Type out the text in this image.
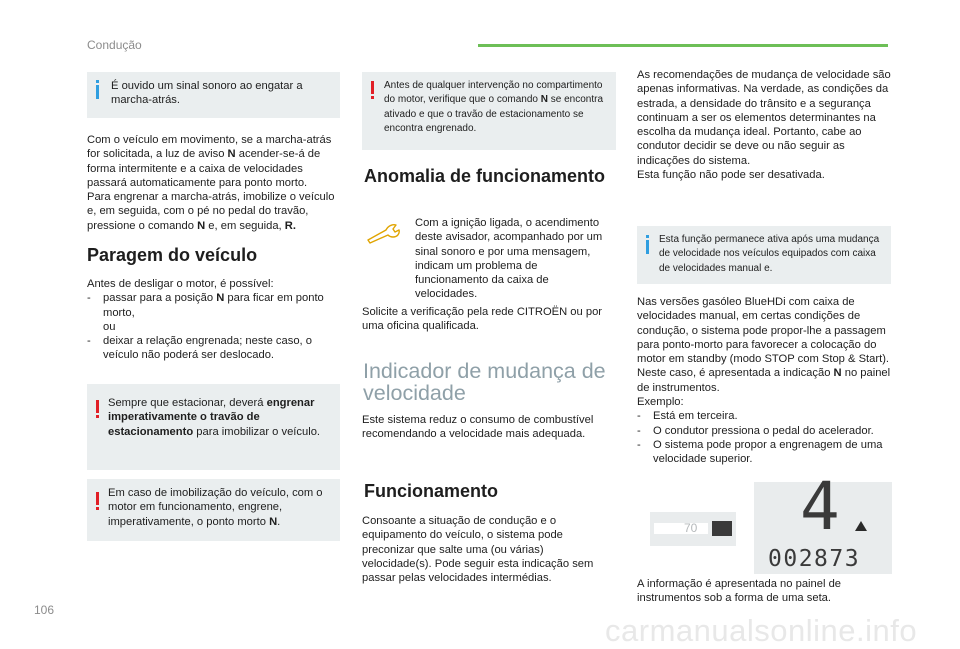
Condução
É ouvido um sinal sonoro ao engatar a marcha-atrás.
Com o veículo em movimento, se a marcha-atrás for solicitada, a luz de aviso N acender-se-á de forma intermitente e a caixa de velocidades passará automaticamente para ponto morto.
Para engrenar a marcha-atrás, imobilize o veículo e, em seguida, com o pé no pedal do travão, pressione o comando N e, em seguida, R.
Paragem do veículo
Antes de desligar o motor, é possível:
- passar para a posição N para ficar em ponto morto,
ou
- deixar a relação engrenada; neste caso, o veículo não poderá ser deslocado.
Sempre que estacionar, deverá engrenar imperativamente o travão de estacionamento para imobilizar o veículo.
Em caso de imobilização do veículo, com o motor em funcionamento, engrene, imperativamente, o ponto morto N.
Antes de qualquer intervenção no compartimento do motor, verifique que o comando N se encontra ativado e que o travão de estacionamento se encontra engrenado.
Anomalia de funcionamento
Com a ignição ligada, o acendimento deste avisador, acompanhado por um sinal sonoro e por uma mensagem, indicam um problema de funcionamento da caixa de velocidades.
Solicite a verificação pela rede CITROËN ou por uma oficina qualificada.
Indicador de mudança de velocidade
Este sistema reduz o consumo de combustível recomendando a velocidade mais adequada.
Funcionamento
Consoante a situação de condução e o equipamento do veículo, o sistema pode preconizar que salte uma (ou várias) velocidade(s). Pode seguir esta indicação sem passar pelas velocidades intermédias.
As recomendações de mudança de velocidade são apenas informativas. Na verdade, as condições da estrada, a densidade do trânsito e a segurança continuam a ser os elementos determinantes na escolha da mudança ideal. Portanto, cabe ao condutor decidir se deve ou não seguir as indicações do sistema.
Esta função não pode ser desativada.
Esta função permanece ativa após uma mudança de velocidade nos veículos equipados com caixa de velocidades manual e.
Nas versões gasóleo BlueHDi com caixa de velocidades manual, em certas condições de condução, o sistema pode propor-lhe a passagem para ponto-morto para favorecer a colocação do motor em standby (modo STOP com Stop & Start). Neste caso, é apresentada a indicação N no painel de instrumentos.
Exemplo:
- Está em terceira.
- O condutor pressiona o pedal do acelerador.
- O sistema pode propor a engrenagem de uma velocidade superior.
70 4
002873
A informação é apresentada no painel de instrumentos sob a forma de uma seta.
106
carmanualsonline.info
